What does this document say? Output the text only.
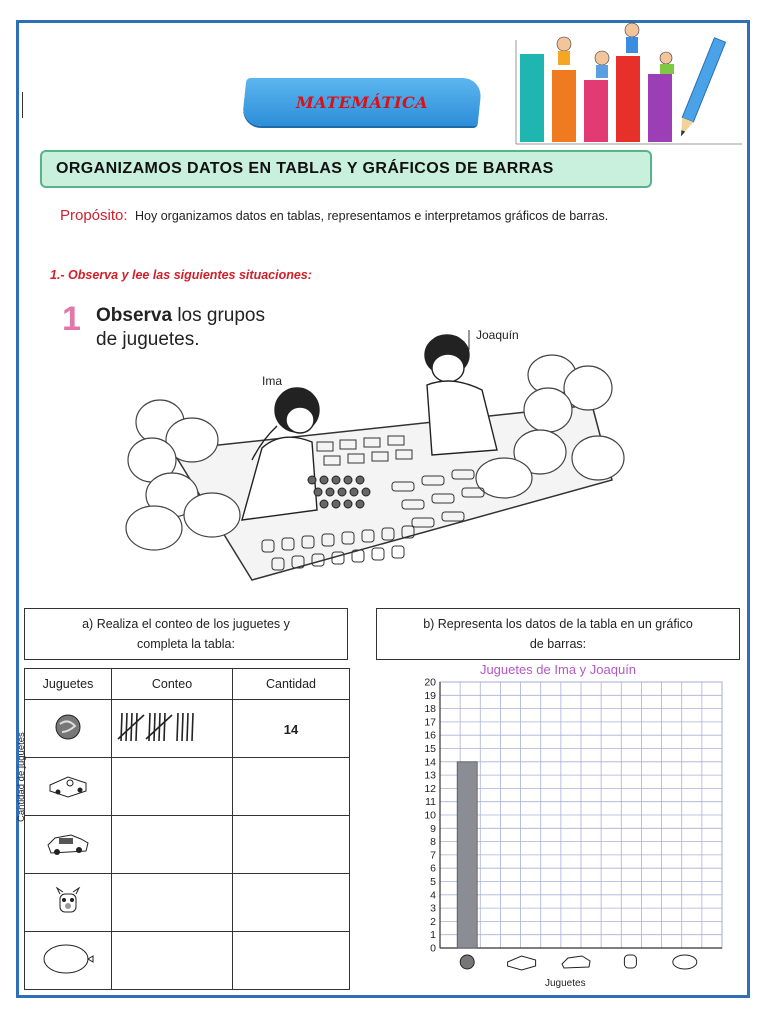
MATEMÁTICA
ORGANIZAMOS DATOS EN TABLAS Y GRÁFICOS DE BARRAS
Propósito: Hoy organizamos datos en tablas, representamos e interpretamos gráficos de barras.
1.- Observa y lee las siguientes situaciones:
1 Observa los grupos
de juguetes.
Ima
Joaquín
a) Realiza el conteo de los juguetes y
completa la tabla:
Juguetes	Conteo	Cantidad
		14

b) Representa los datos de la tabla en un gráfico
de barras:
Juguetes de Ima y Joaquín
Cantidad de juguetes
Juguetes
0
1
2
3
4
5
6
7
8
9
10
11
12
13
14
15
16
17
18
19
20
